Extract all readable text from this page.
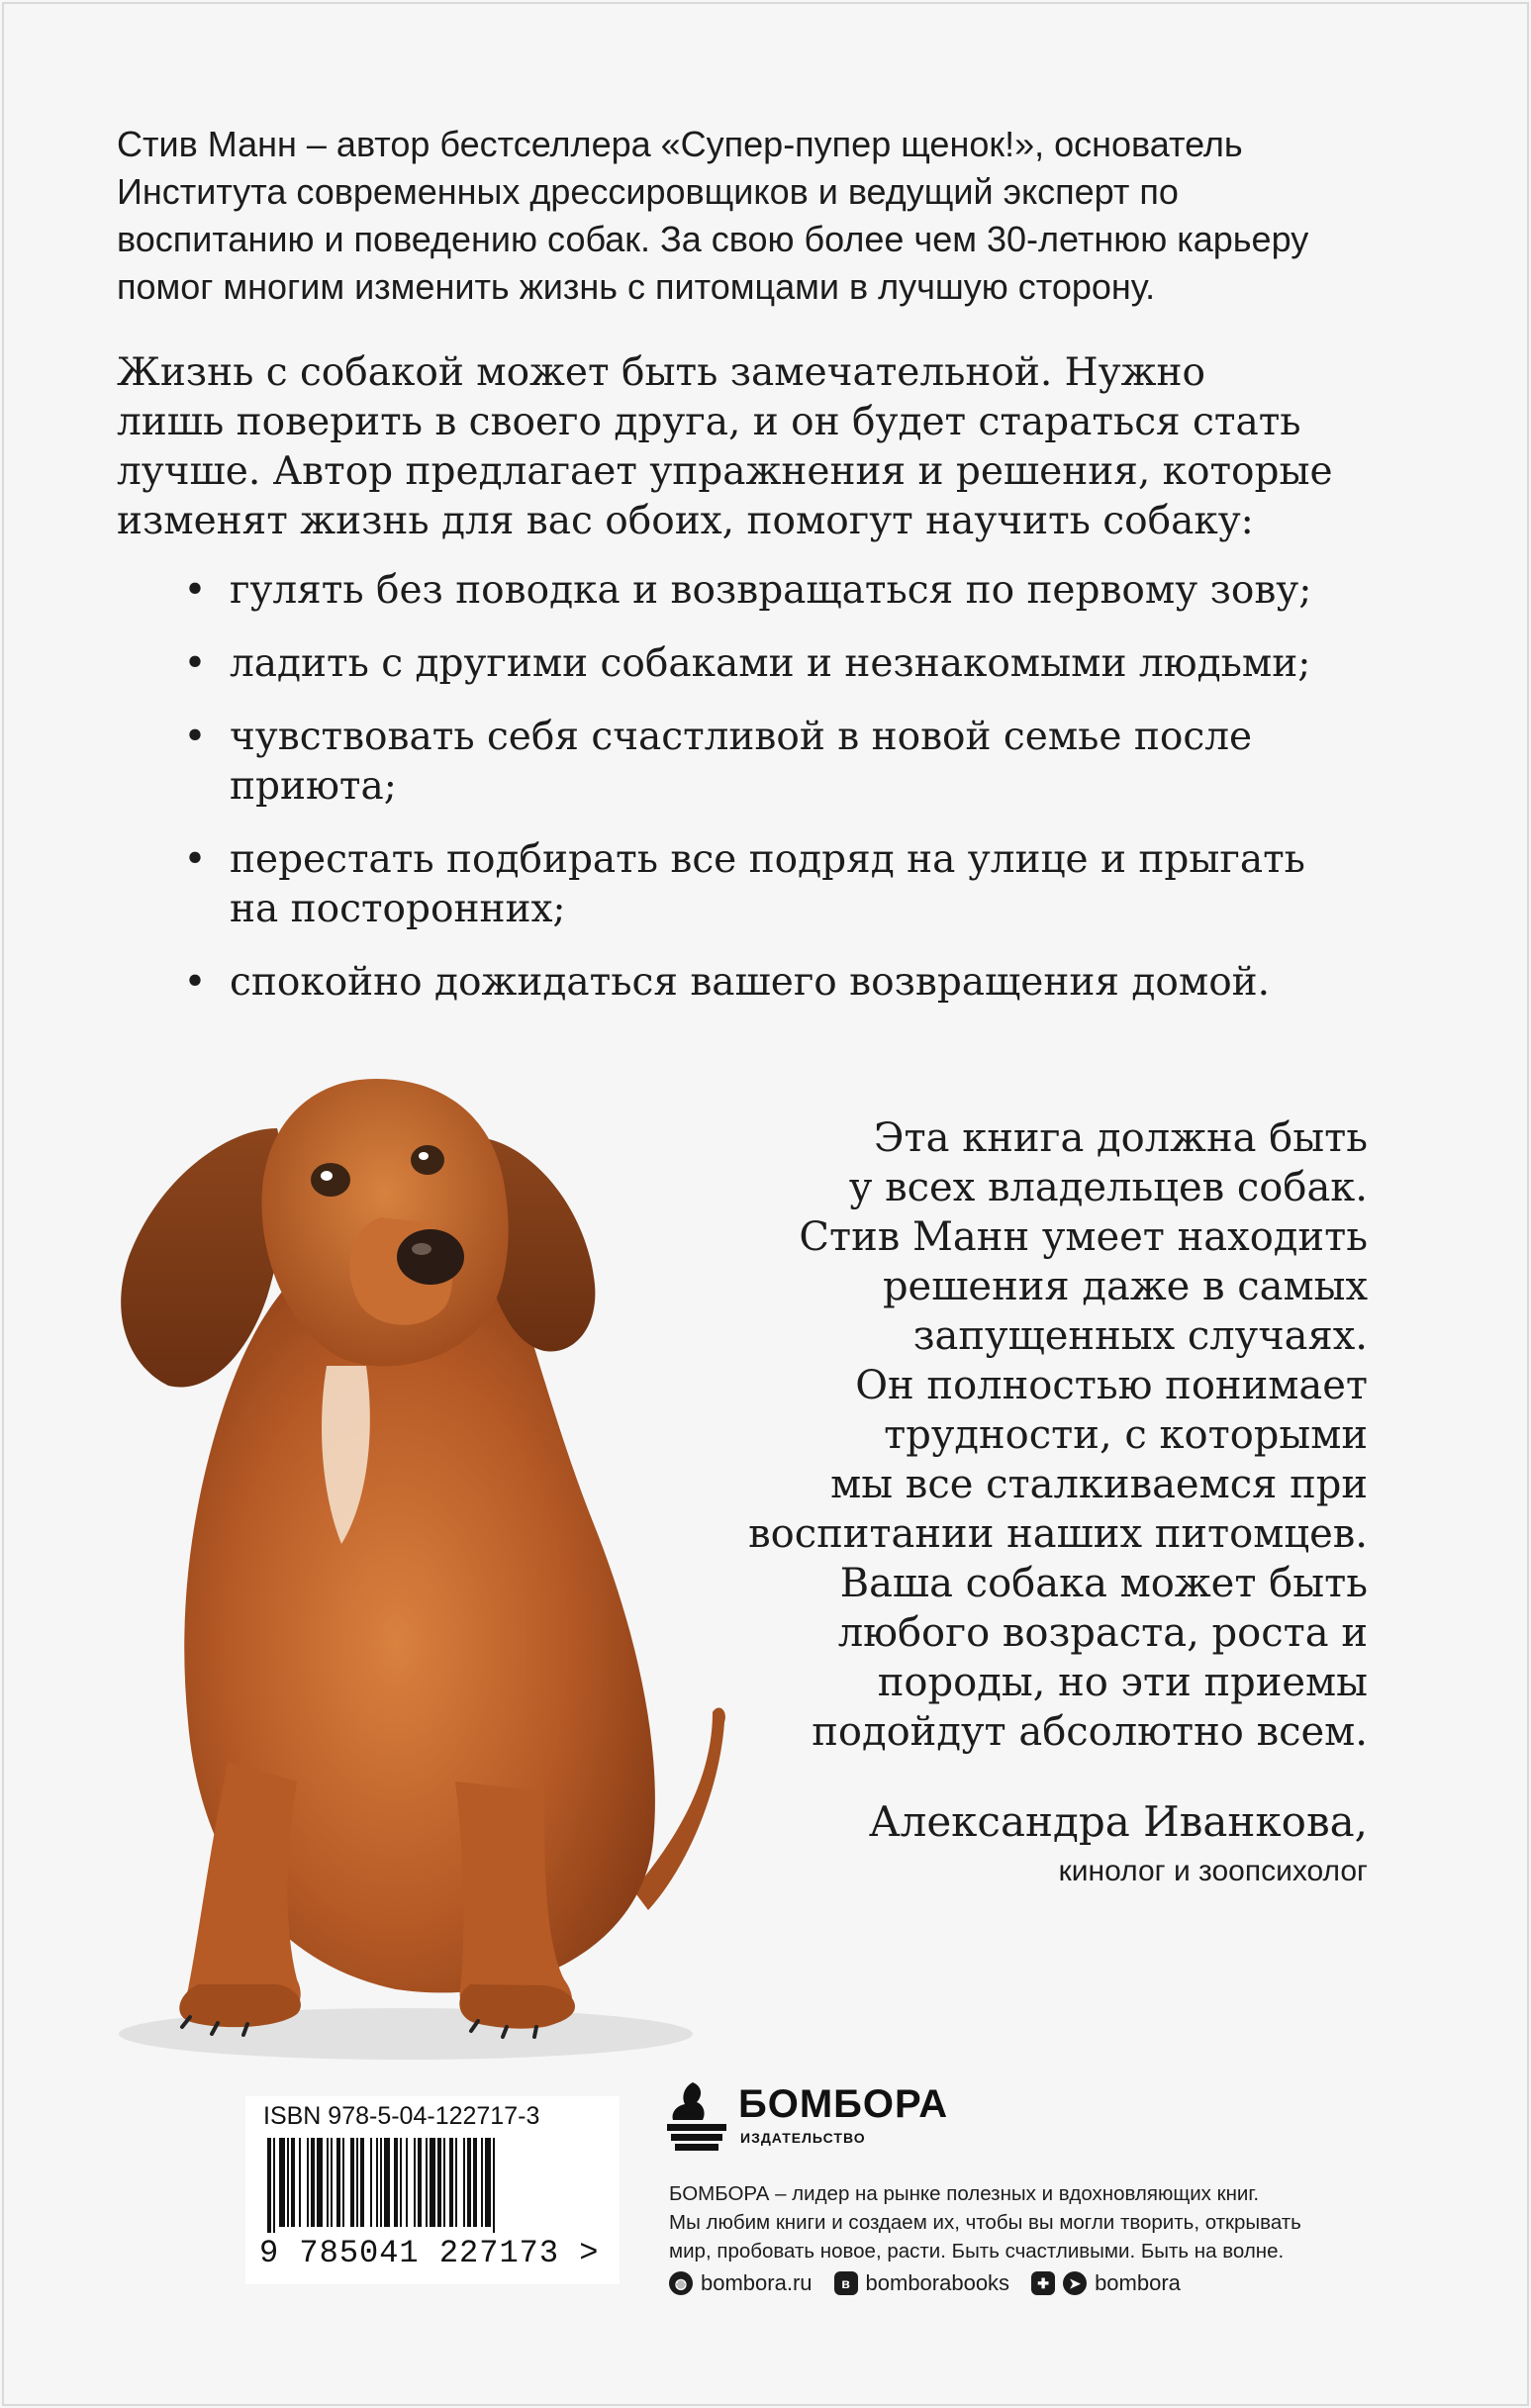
Стив Манн – автор бестселлера «Супер-пупер щенок!», основатель
Института современных дрессировщиков и ведущий эксперт по
воспитанию и поведению собак. За свою более чем 30-летнюю карьеру
помог многим изменить жизнь с питомцами в лучшую сторону.
Жизнь с собакой может быть замечательной. Нужно
лишь поверить в своего друга, и он будет стараться стать
лучше. Автор предлагает упражнения и решения, которые
изменят жизнь для вас обоих, помогут научить собаку:
• гулять без поводка и возвращаться по первому зову;
• ладить с другими собаками и незнакомыми людьми;
• чувствовать себя счастливой в новой семье после
приюта;
• перестать подбирать все подряд на улице и прыгать
на посторонних;
• спокойно дожидаться вашего возвращения домой.
Эта книга должна быть
у всех владельцев собак.
Стив Манн умеет находить
решения даже в самых
запущенных случаях.
Он полностью понимает
трудности, с которыми
мы все сталкиваемся при
воспитании наших питомцев.
Ваша собака может быть
любого возраста, роста и
породы, но эти приемы
подойдут абсолютно всем.
Александра Иванкова,
кинолог и зоопсихолог
ISBN 978-5-04-122717-3
9 785041 227173 >
БОМБОРА
ИЗДАТЕЛЬСТВО
БОМБОРА – лидер на рынке полезных и вдохновляющих книг.
Мы любим книги и создаем их, чтобы вы могли творить, открывать
мир, пробовать новое, расти. Быть счастливыми. Быть на волне.
◍ bombora.ru	в bomborabooks	✚	➤ bombora
